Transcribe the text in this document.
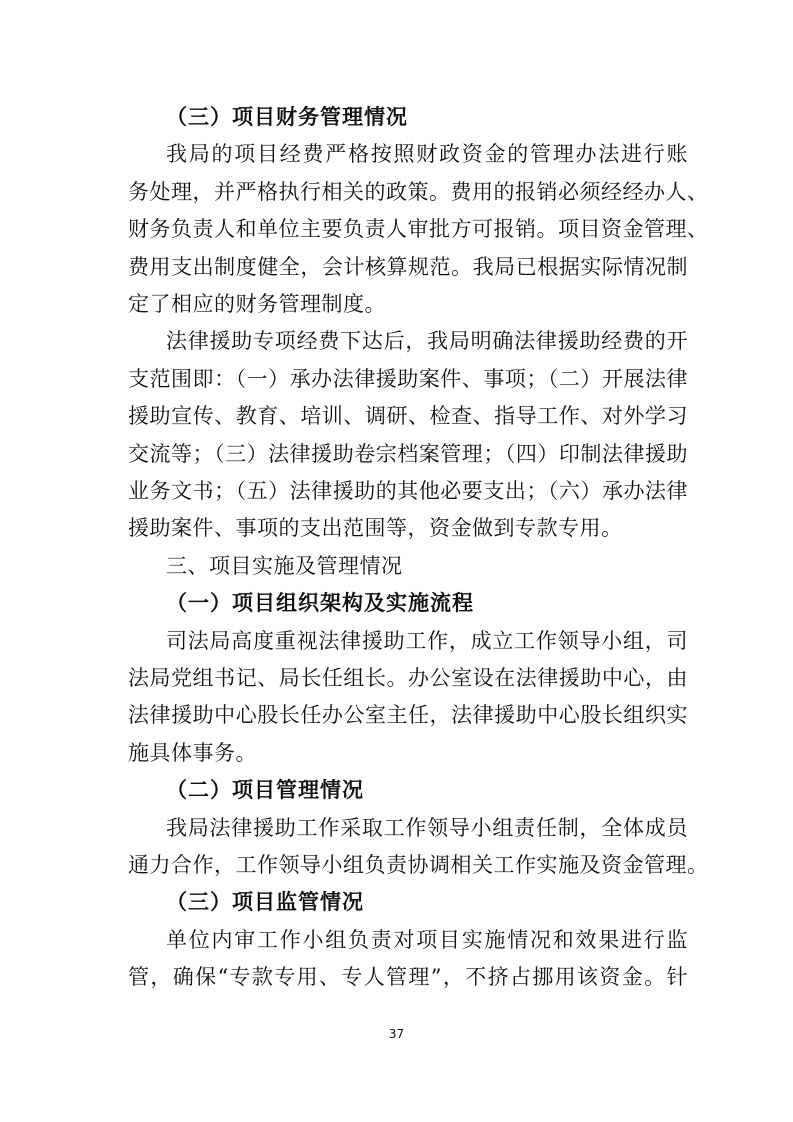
（三）项目财务管理情况
我局的项目经费严格按照财政资金的管理办法进行账
务处理，并严格执行相关的政策。费用的报销必须经经办人、
财务负责人和单位主要负责人审批方可报销。项目资金管理、
费用支出制度健全，会计核算规范。我局已根据实际情况制
定了相应的财务管理制度。
法律援助专项经费下达后，我局明确法律援助经费的开
支范围即：（一）承办法律援助案件、事项；（二）开展法律
援助宣传、教育、培训、调研、检查、指导工作、对外学习
交流等；（三）法律援助卷宗档案管理；（四）印制法律援助
业务文书；（五）法律援助的其他必要支出；（六）承办法律
援助案件、事项的支出范围等，资金做到专款专用。
三、项目实施及管理情况
（一）项目组织架构及实施流程
司法局高度重视法律援助工作，成立工作领导小组，司
法局党组书记、局长任组长。办公室设在法律援助中心，由
法律援助中心股长任办公室主任，法律援助中心股长组织实
施具体事务。
（二）项目管理情况
我局法律援助工作采取工作领导小组责任制，全体成员
通力合作，工作领导小组负责协调相关工作实施及资金管理。
（三）项目监管情况
单位内审工作小组负责对项目实施情况和效果进行监
管，确保“专款专用、专人管理”，不挤占挪用该资金。针
37
